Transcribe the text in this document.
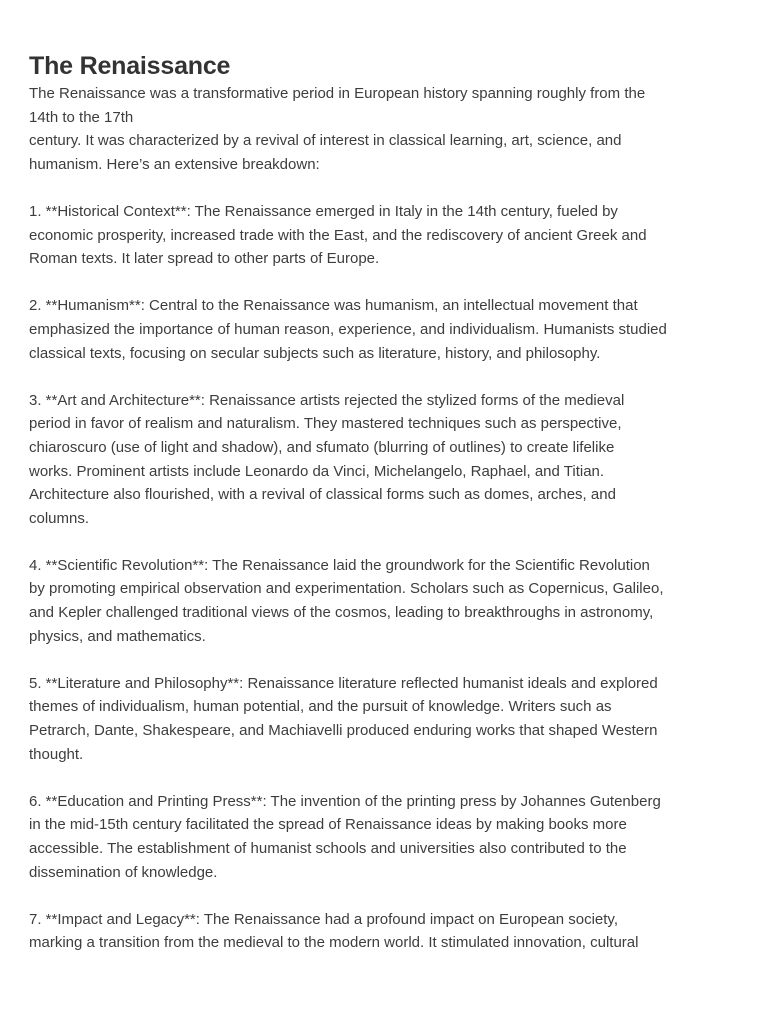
The Renaissance

The Renaissance was a transformative period in European history spanning roughly from the
14th to the 17th
century. It was characterized by a revival of interest in classical learning, art, science, and
humanism. Here’s an extensive breakdown:

1. **Historical Context**: The Renaissance emerged in Italy in the 14th century, fueled by
economic prosperity, increased trade with the East, and the rediscovery of ancient Greek and
Roman texts. It later spread to other parts of Europe.

2. **Humanism**: Central to the Renaissance was humanism, an intellectual movement that
emphasized the importance of human reason, experience, and individualism. Humanists studied
classical texts, focusing on secular subjects such as literature, history, and philosophy.

3. **Art and Architecture**: Renaissance artists rejected the stylized forms of the medieval
period in favor of realism and naturalism. They mastered techniques such as perspective,
chiaroscuro (use of light and shadow), and sfumato (blurring of outlines) to create lifelike
works. Prominent artists include Leonardo da Vinci, Michelangelo, Raphael, and Titian.
Architecture also flourished, with a revival of classical forms such as domes, arches, and
columns.

4. **Scientific Revolution**: The Renaissance laid the groundwork for the Scientific Revolution
by promoting empirical observation and experimentation. Scholars such as Copernicus, Galileo,
and Kepler challenged traditional views of the cosmos, leading to breakthroughs in astronomy,
physics, and mathematics.

5. **Literature and Philosophy**: Renaissance literature reflected humanist ideals and explored
themes of individualism, human potential, and the pursuit of knowledge. Writers such as
Petrarch, Dante, Shakespeare, and Machiavelli produced enduring works that shaped Western
thought.

6. **Education and Printing Press**: The invention of the printing press by Johannes Gutenberg
in the mid-15th century facilitated the spread of Renaissance ideas by making books more
accessible. The establishment of humanist schools and universities also contributed to the
dissemination of knowledge.

7. **Impact and Legacy**: The Renaissance had a profound impact on European society,
marking a transition from the medieval to the modern world. It stimulated innovation, cultural
